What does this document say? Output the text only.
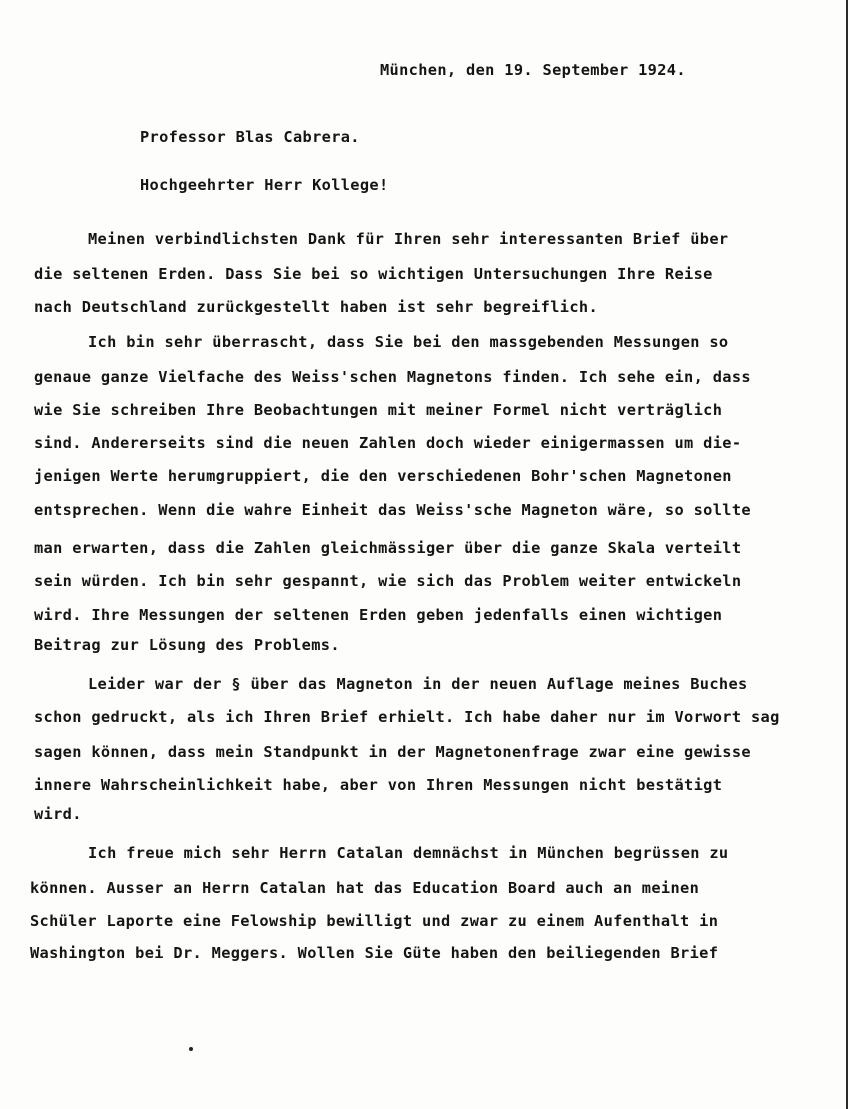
München, den 19. September 1924.
Professor Blas Cabrera.
Hochgeehrter Herr Kollege!
Meinen verbindlichsten Dank für Ihren sehr interessanten Brief über
die seltenen Erden. Dass Sie bei so wichtigen Untersuchungen Ihre Reise
nach Deutschland zurückgestellt haben ist sehr begreiflich.
Ich bin sehr überrascht, dass Sie bei den massgebenden Messungen so
genaue ganze Vielfache des Weiss'schen Magnetons finden. Ich sehe ein, dass
wie Sie schreiben Ihre Beobachtungen mit meiner Formel nicht verträglich
sind. Andererseits sind die neuen Zahlen doch wieder einigermassen um die-
jenigen Werte herumgruppiert, die den verschiedenen Bohr'schen Magnetonen
entsprechen. Wenn die wahre Einheit das Weiss'sche Magneton wäre, so sollte
man erwarten, dass die Zahlen gleichmässiger über die ganze Skala verteilt
sein würden. Ich bin sehr gespannt, wie sich das Problem weiter entwickeln
wird. Ihre Messungen der seltenen Erden geben jedenfalls einen wichtigen
Beitrag zur Lösung des Problems.
Leider war der § über das Magneton in der neuen Auflage meines Buches
schon gedruckt, als ich Ihren Brief erhielt. Ich habe daher nur im Vorwort sag
sagen können, dass mein Standpunkt in der Magnetonenfrage zwar eine gewisse
innere Wahrscheinlichkeit habe, aber von Ihren Messungen nicht bestätigt
wird.
Ich freue mich sehr Herrn Catalan demnächst in München begrüssen zu
können. Ausser an Herrn Catalan hat das Education Board auch an meinen
Schüler Laporte eine Felowship bewilligt und zwar zu einem Aufenthalt in
Washington bei Dr. Meggers. Wollen Sie Güte haben den beiliegenden Brief
